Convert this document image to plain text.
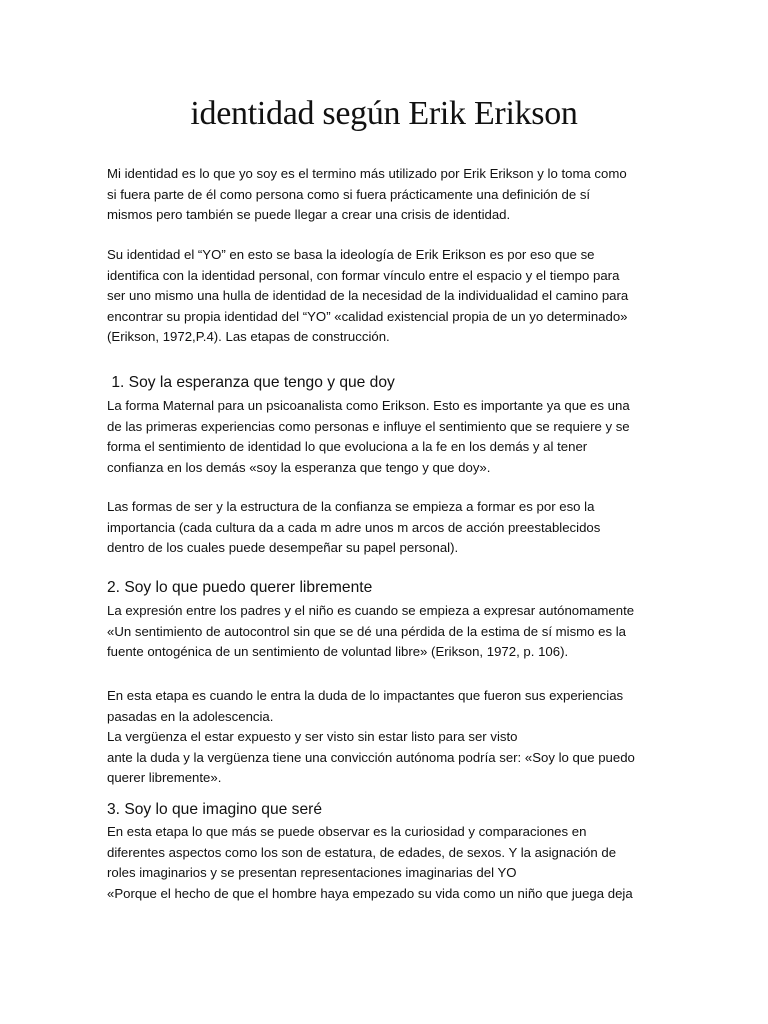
identidad según Erik Erikson

Mi identidad es lo que yo soy es el termino más utilizado por Erik Erikson y lo toma como
si fuera parte de él como persona como si fuera prácticamente una definición de sí
mismos pero también se puede llegar a crear una crisis de identidad.

Su identidad el “YO” en esto se basa la ideología de Erik Erikson es por eso que se
identifica con la identidad personal, con formar vínculo entre el espacio y el tiempo para
ser uno mismo una hulla de identidad de la necesidad de la individualidad el camino para
encontrar su propia identidad del “YO” «calidad existencial propia de un yo determinado»
(Erikson, 1972,P.4). Las etapas de construcción.

1. Soy la esperanza que tengo y que doy

La forma Maternal para un psicoanalista como Erikson. Esto es importante ya que es una
de las primeras experiencias como personas e influye el sentimiento que se requiere y se
forma el sentimiento de identidad lo que evoluciona a la fe en los demás y al tener
confianza en los demás «soy la esperanza que tengo y que doy».

Las formas de ser y la estructura de la confianza se empieza a formar es por eso la
importancia (cada cultura da a cada m adre unos m arcos de acción preestablecidos
dentro de los cuales puede desempeñar su papel personal).

2. Soy lo que puedo querer libremente

La expresión entre los padres y el niño es cuando se empieza a expresar autónomamente
«Un sentimiento de autocontrol sin que se dé una pérdida de la estima de sí mismo es la
fuente ontogénica de un sentimiento de voluntad libre» (Erikson, 1972, p. 106).

En esta etapa es cuando le entra la duda de lo impactantes que fueron sus experiencias
pasadas en la adolescencia.
La vergüenza el estar expuesto y ser visto sin estar listo para ser visto
ante la duda y la vergüenza tiene una convicción autónoma podría ser: «Soy lo que puedo
querer libremente».

3. Soy lo que imagino que seré

En esta etapa lo que más se puede observar es la curiosidad y comparaciones en
diferentes aspectos como los son de estatura, de edades, de sexos. Y la asignación de
roles imaginarios y se presentan representaciones imaginarias del YO
«Porque el hecho de que el hombre haya empezado su vida como un niño que juega deja
